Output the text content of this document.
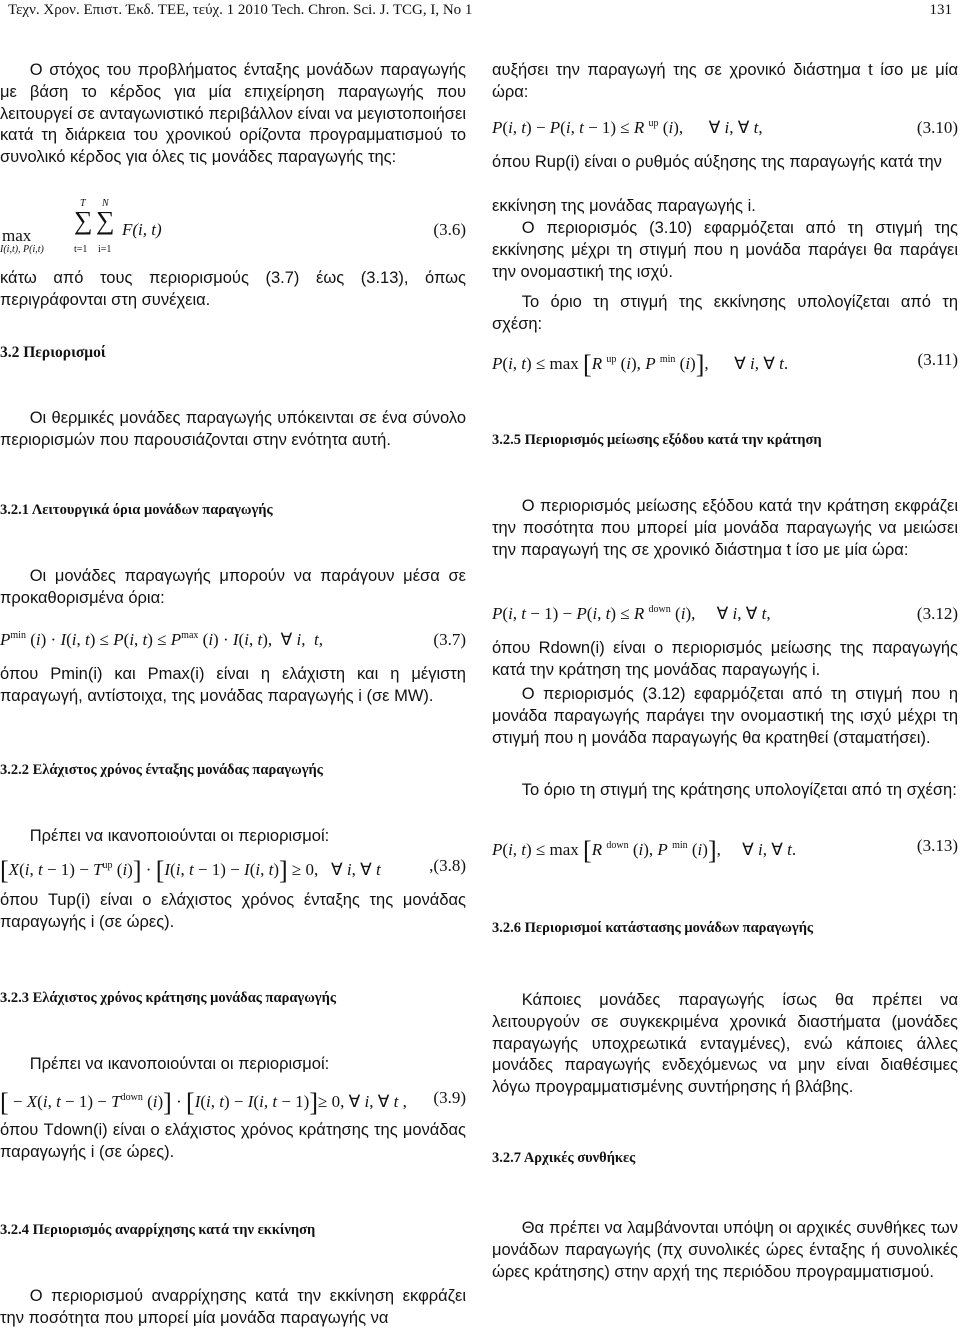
Τεχν. Χρον. Επιστ. Έκδ. ΤΕΕ, τεύχ. 1 2010 Tech. Chron. Sci. J. TCG, I, No 1	131
Ο στόχος του προβλήματος ένταξης μονάδων παραγωγής με βάση το κέρδος για μία επιχείρηση παραγωγής που λειτουργεί σε ανταγωνιστικό περιβάλλον είναι να μεγιστοποιήσει κατά τη διάρκεια του χρονικού ορίζοντα προγραμματισμού το συνολικό κέρδος για όλες τις μονάδες παραγωγής της:
max
I(i,t), P(i,t)
T
∑
t=1
N
∑
i=1
F(i, t)	(3.6)
κάτω από τους περιορισμούς (3.7) έως (3.13), όπως περιγράφονται στη συνέχεια.
3.2 Περιορισμοί
Οι θερμικές μονάδες παραγωγής υπόκεινται σε ένα σύνολο περιορισμών που παρουσιάζονται στην ενότητα αυτή.
3.2.1 Λειτουργικά όρια μονάδων παραγωγής
Οι μονάδες παραγωγής μπορούν να παράγουν μέσα σε προκαθορισμένα όρια:
$P^{min}$ (i) · I(i, t) ≤ P(i, $t) \le P^{max}$ (i) · I(i, t),  ∀ i,  t,	(3.7)
όπου Pmin(i) και Pmax(i) είναι η ελάχιστη και η μέγιστη παραγωγή, αντίστοιχα, της μονάδας παραγωγής i (σε MW).
3.2.2 Ελάχιστος χρόνος ένταξης μονάδας παραγωγής
Πρέπει να ικανοποιούνται οι περιορισμοί:
[X(i, $t - 1) - T^{up}$ (i)] · [I(i, t − 1) − I(i, t)] ≥ 0,   ∀ i, ∀ t	,(3.8)
όπου Tup(i) είναι ο ελάχιστος χρόνος ένταξης της μονάδας παραγωγής i (σε ώρες).
3.2.3 Ελάχιστος χρόνος κράτησης μονάδας παραγωγής
Πρέπει να ικανοποιούνται οι περιορισμοί:
[ − X(i, $t - 1) - T^{down}$ (i)] · [I(i, t) − I(i, t − 1)]≥ 0, ∀ i, ∀ t , (3.9)
όπου Tdown(i) είναι ο ελάχιστος χρόνος κράτησης της μονάδας παραγωγής i (σε ώρες).
3.2.4 Περιορισμός αναρρίχησης κατά την εκκίνηση
Ο περιορισμού αναρρίχησης κατά την εκκίνηση εκφράζει την ποσότητα που μπορεί μία μονάδα παραγωγής να
αυξήσει την παραγωγή της σε χρονικό διάστημα t ίσο με μία ώρα:
P(i, t) − P(i, t − 1) ≤ R $^{up}$ (i),      ∀ i, ∀ t,	(3.10)
όπου Rup(i) είναι ο ρυθμός αύξησης της παραγωγής κατά την
εκκίνηση της μονάδας παραγωγής i.
Ο περιορισμός (3.10) εφαρμόζεται από τη στιγμή της εκκίνησης μέχρι τη στιγμή που η μονάδα παράγει θα παράγει την ονομαστική της ισχύ.
Το όριο τη στιγμή της εκκίνησης υπολογίζεται από τη σχέση:
P(i, t) ≤ max [R $^{up}$ (i), P $^{min}$ (i)],      ∀ i, ∀ t.	(3.11)
3.2.5 Περιορισμός μείωσης εξόδου κατά την κράτηση
Ο περιορισμός μείωσης εξόδου κατά την κράτηση εκφράζει την ποσότητα που μπορεί μία μονάδα παραγωγής να μειώσει την παραγωγή της σε χρονικό διάστημα t ίσο με μία ώρα:
P(i, t − 1) − P(i, t) ≤ R $^{down}$ (i),     ∀ i, ∀ t,	(3.12)
όπου Rdown(i) είναι ο περιορισμός μείωσης της παραγωγής κατά την κράτηση της μονάδας παραγωγής i.
Ο περιορισμός (3.12) εφαρμόζεται από τη στιγμή που η μονάδα παραγωγής παράγει την ονομαστική της ισχύ μέχρι τη στιγμή που η μονάδα παραγωγής θα κρατηθεί (σταματήσει).
Το όριο τη στιγμή της κράτησης υπολογίζεται από τη σχέση:
P(i, t) ≤ max [R $^{down}$ (i), P $^{min}$ (i)],     ∀ i, ∀ t.	(3.13)
3.2.6 Περιορισμοί κατάστασης μονάδων παραγωγής
Κάποιες μονάδες παραγωγής ίσως θα πρέπει να λειτουργούν σε συγκεκριμένα χρονικά διαστήματα (μονάδες παραγωγής υποχρεωτικά ενταγμένες), ενώ κάποιες άλλες μονάδες παραγωγής ενδεχόμενως να μην είναι διαθέσιμες λόγω προγραμματισμένης συντήρησης ή βλάβης.
3.2.7 Αρχικές συνθήκες
Θα πρέπει να λαμβάνονται υπόψη οι αρχικές συνθήκες των μονάδων παραγωγής (πχ συνολικές ώρες ένταξης ή συνολικές ώρες κράτησης) στην αρχή της περιόδου προγραμματισμού.
